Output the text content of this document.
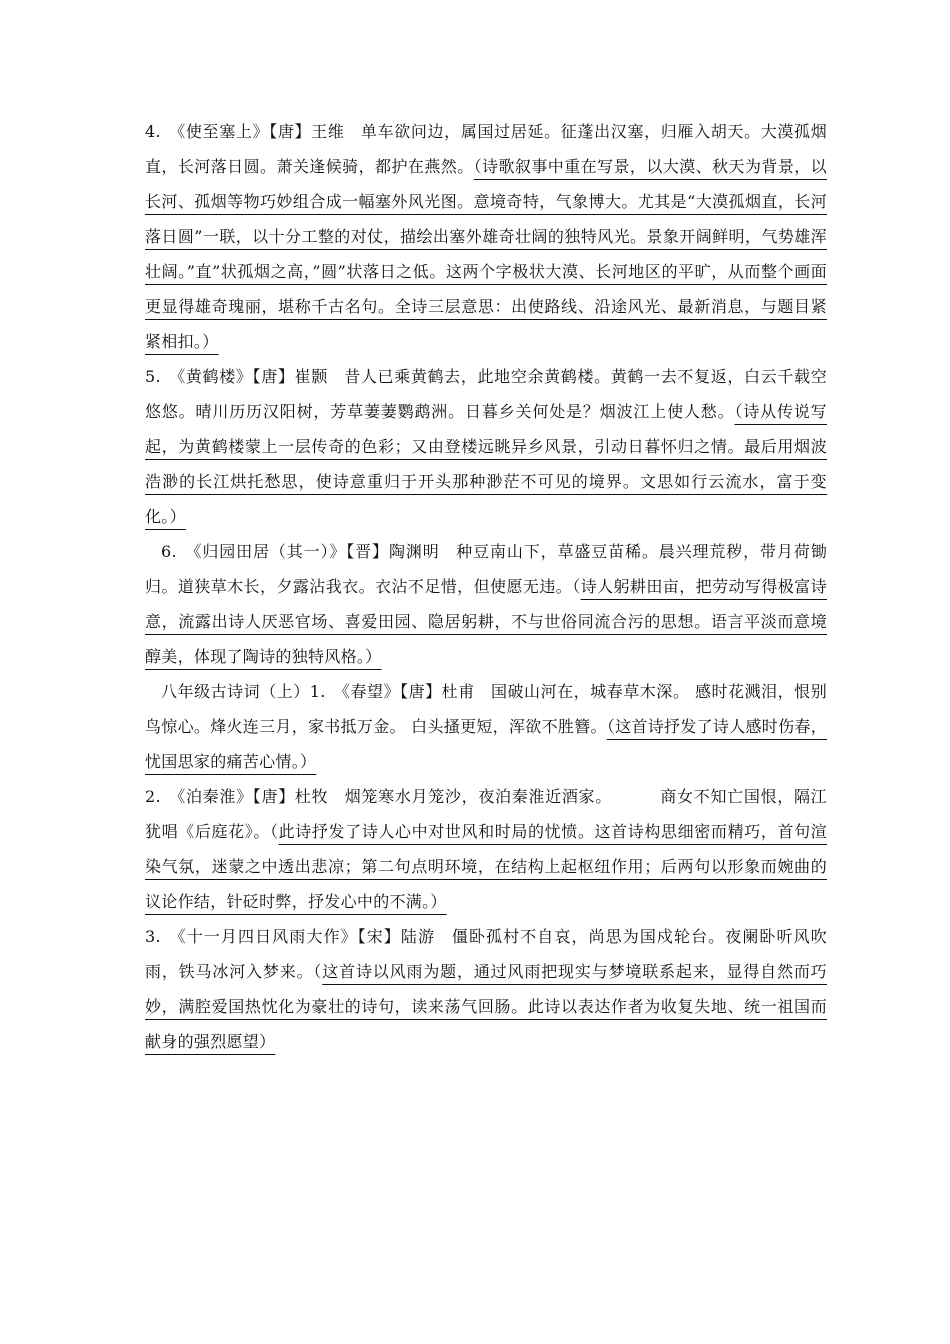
4. 《使至塞上》【唐】王维 单车欲问边，属国过居延。征蓬出汉塞，归雁入胡天。大漠孤烟直，长河落日圆。萧关逢候骑，都护在燕然。（诗歌叙事中重在写景，以大漠、秋天为背景，以长河、孤烟等物巧妙组合成一幅塞外风光图。意境奇特，气象博大。尤其是“大漠孤烟直，长河落日圆”一联，以十分工整的对仗，描绘出塞外雄奇壮阔的独特风光。景象开阔鲜明，气势雄浑壮阔。”直”状孤烟之高，”圆”状落日之低。这两个字极状大漠、长河地区的平旷，从而整个画面更显得雄奇瑰丽，堪称千古名句。全诗三层意思：出使路线、沿途风光、最新消息，与题目紧紧相扣。）
5. 《黄鹤楼》【唐】崔颢 昔人已乘黄鹤去，此地空余黄鹤楼。黄鹤一去不复返，白云千载空悠悠。晴川历历汉阳树，芳草萋萋鹦鹉洲。日暮乡关何处是？烟波江上使人愁。（诗从传说写起，为黄鹤楼蒙上一层传奇的色彩；又由登楼远眺异乡风景，引动日暮怀归之情。最后用烟波浩渺的长江烘托愁思，使诗意重归于开头那种渺茫不可见的境界。文思如行云流水，富于变化。）
6. 《归园田居（其一）》【晋】陶渊明 种豆南山下，草盛豆苗稀。晨兴理荒秽，带月荷锄归。道狭草木长，夕露沾我衣。衣沾不足惜，但使愿无违。（诗人躬耕田亩，把劳动写得极富诗意，流露出诗人厌恶官场、喜爱田园、隐居躬耕，不与世俗同流合污的思想。语言平淡而意境醇美，体现了陶诗的独特风格。）
八年级古诗词（上）1. 《春望》【唐】杜甫 国破山河在，城春草木深。 感时花溅泪，恨别鸟惊心。烽火连三月，家书抵万金。 白头搔更短，浑欲不胜簪。（这首诗抒发了诗人感时伤春，忧国思家的痛苦心情。）
2. 《泊秦淮》【唐】杜牧 烟笼寒水月笼沙，夜泊秦淮近酒家。	商女不知亡国恨，隔江犹唱《后庭花》。（此诗抒发了诗人心中对世风和时局的忧愤。这首诗构思细密而精巧，首句渲染气氛，迷蒙之中透出悲凉；第二句点明环境，在结构上起枢纽作用；后两句以形象而婉曲的议论作结，针砭时弊，抒发心中的不满。）
3. 《十一月四日风雨大作》【宋】陆游 僵卧孤村不自哀，尚思为国戍轮台。夜阑卧听风吹雨，铁马冰河入梦来。（这首诗以风雨为题，通过风雨把现实与梦境联系起来，显得自然而巧妙，满腔爱国热忱化为豪壮的诗句，读来荡气回肠。此诗以表达作者为收复失地、统一祖国而献身的强烈愿望）
